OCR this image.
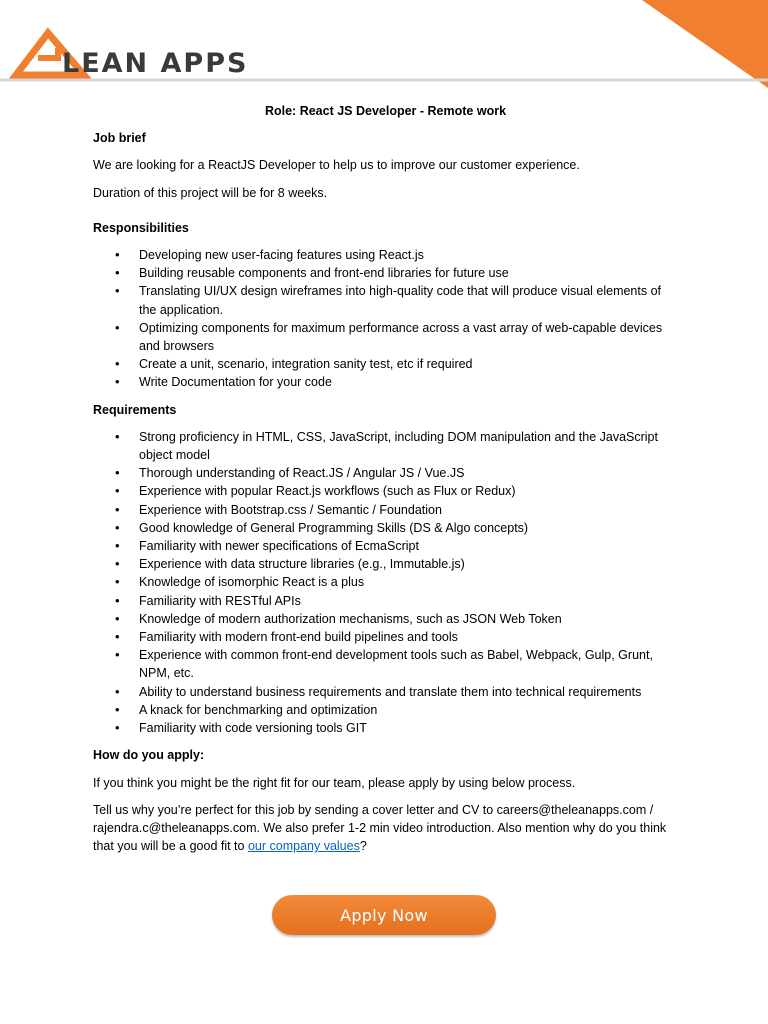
LEAN APPS
Role: React JS Developer - Remote work
Job brief
We are looking for a ReactJS Developer to help us to improve our customer experience.
Duration of this project will be for 8 weeks.
Responsibilities
• Developing new user-facing features using React.js
• Building reusable components and front-end libraries for future use
• Translating UI/UX design wireframes into high-quality code that will produce visual elements of the application.
• Optimizing components for maximum performance across a vast array of web-capable devices and browsers
• Create a unit, scenario, integration sanity test, etc if required
• Write Documentation for your code
Requirements
• Strong proficiency in HTML, CSS, JavaScript, including DOM manipulation and the JavaScript object model
• Thorough understanding of React.JS / Angular JS / Vue.JS
• Experience with popular React.js workflows (such as Flux or Redux)
• Experience with Bootstrap.css / Semantic / Foundation
• Good knowledge of General Programming Skills (DS & Algo concepts)
• Familiarity with newer specifications of EcmaScript
• Experience with data structure libraries (e.g., Immutable.js)
• Knowledge of isomorphic React is a plus
• Familiarity with RESTful APIs
• Knowledge of modern authorization mechanisms, such as JSON Web Token
• Familiarity with modern front-end build pipelines and tools
• Experience with common front-end development tools such as Babel, Webpack, Gulp, Grunt, NPM, etc.
• Ability to understand business requirements and translate them into technical requirements
• A knack for benchmarking and optimization
• Familiarity with code versioning tools GIT
How do you apply:
If you think you might be the right fit for our team, please apply by using below process.
Tell us why you’re perfect for this job by sending a cover letter and CV to careers@theleanapps.com / rajendra.c@theleanapps.com. We also prefer 1-2 min video introduction. Also mention why do you think that you will be a good fit to our company values?
Apply Now
